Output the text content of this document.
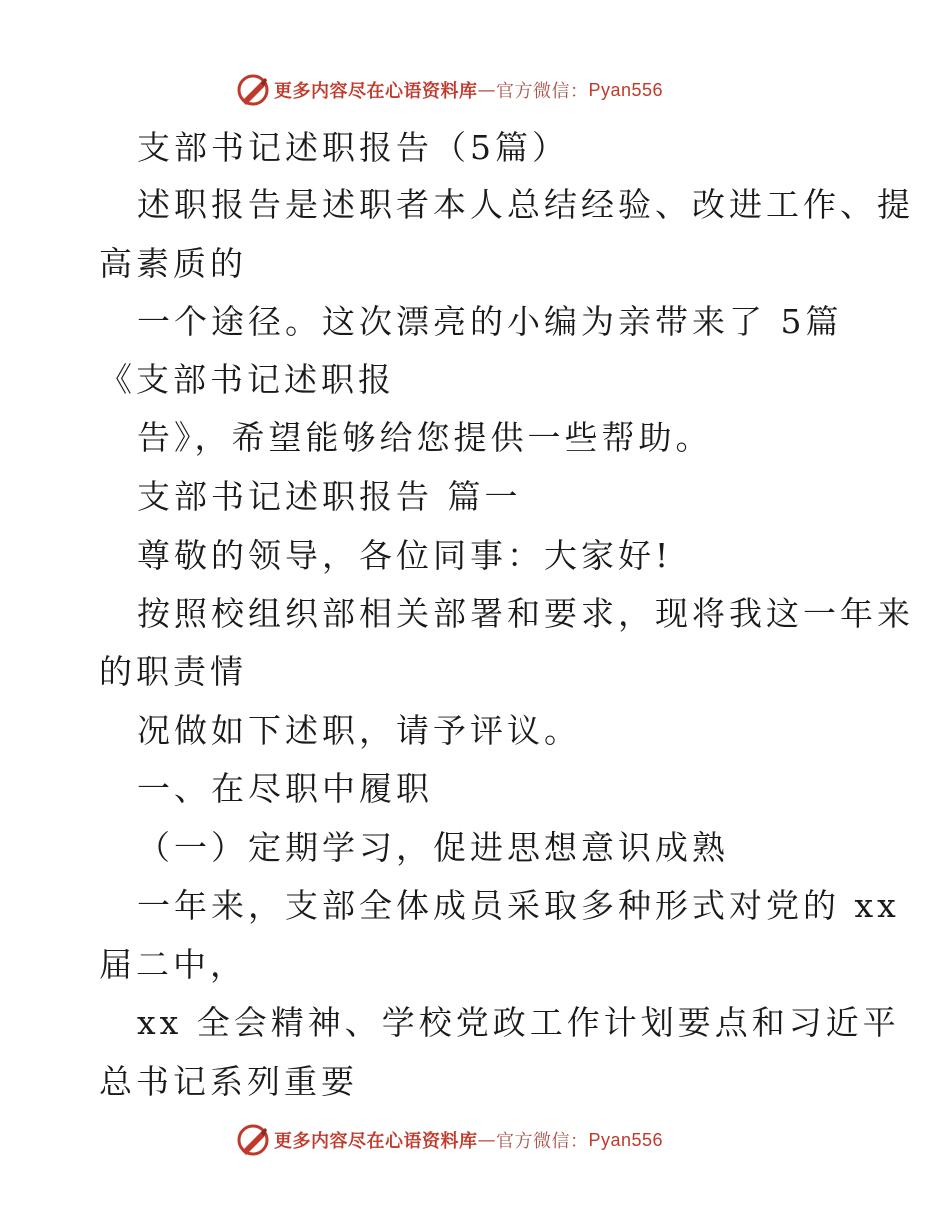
更多内容尽在心语资料库 — 官方微信： Pyan556
支部书记述职报告（5篇）
述职报告是述职者本人总结经验、改进工作、提
高素质的
一个途径。这次漂亮的小编为亲带来了 5篇
《支部书记述职报
告》，希望能够给您提供一些帮助。
支部书记述职报告 篇一
尊敬的领导，各位同事：大家好!
按照校组织部相关部署和要求，现将我这一年来
的职责情
况做如下述职，请予评议。
一、在尽职中履职
（一）定期学习，促进思想意识成熟
一年来，支部全体成员采取多种形式对党的 xx
届二中，
xx 全会精神、学校党政工作计划要点和习近平
总书记系列重要
更多内容尽在心语资料库 — 官方微信： Pyan556
